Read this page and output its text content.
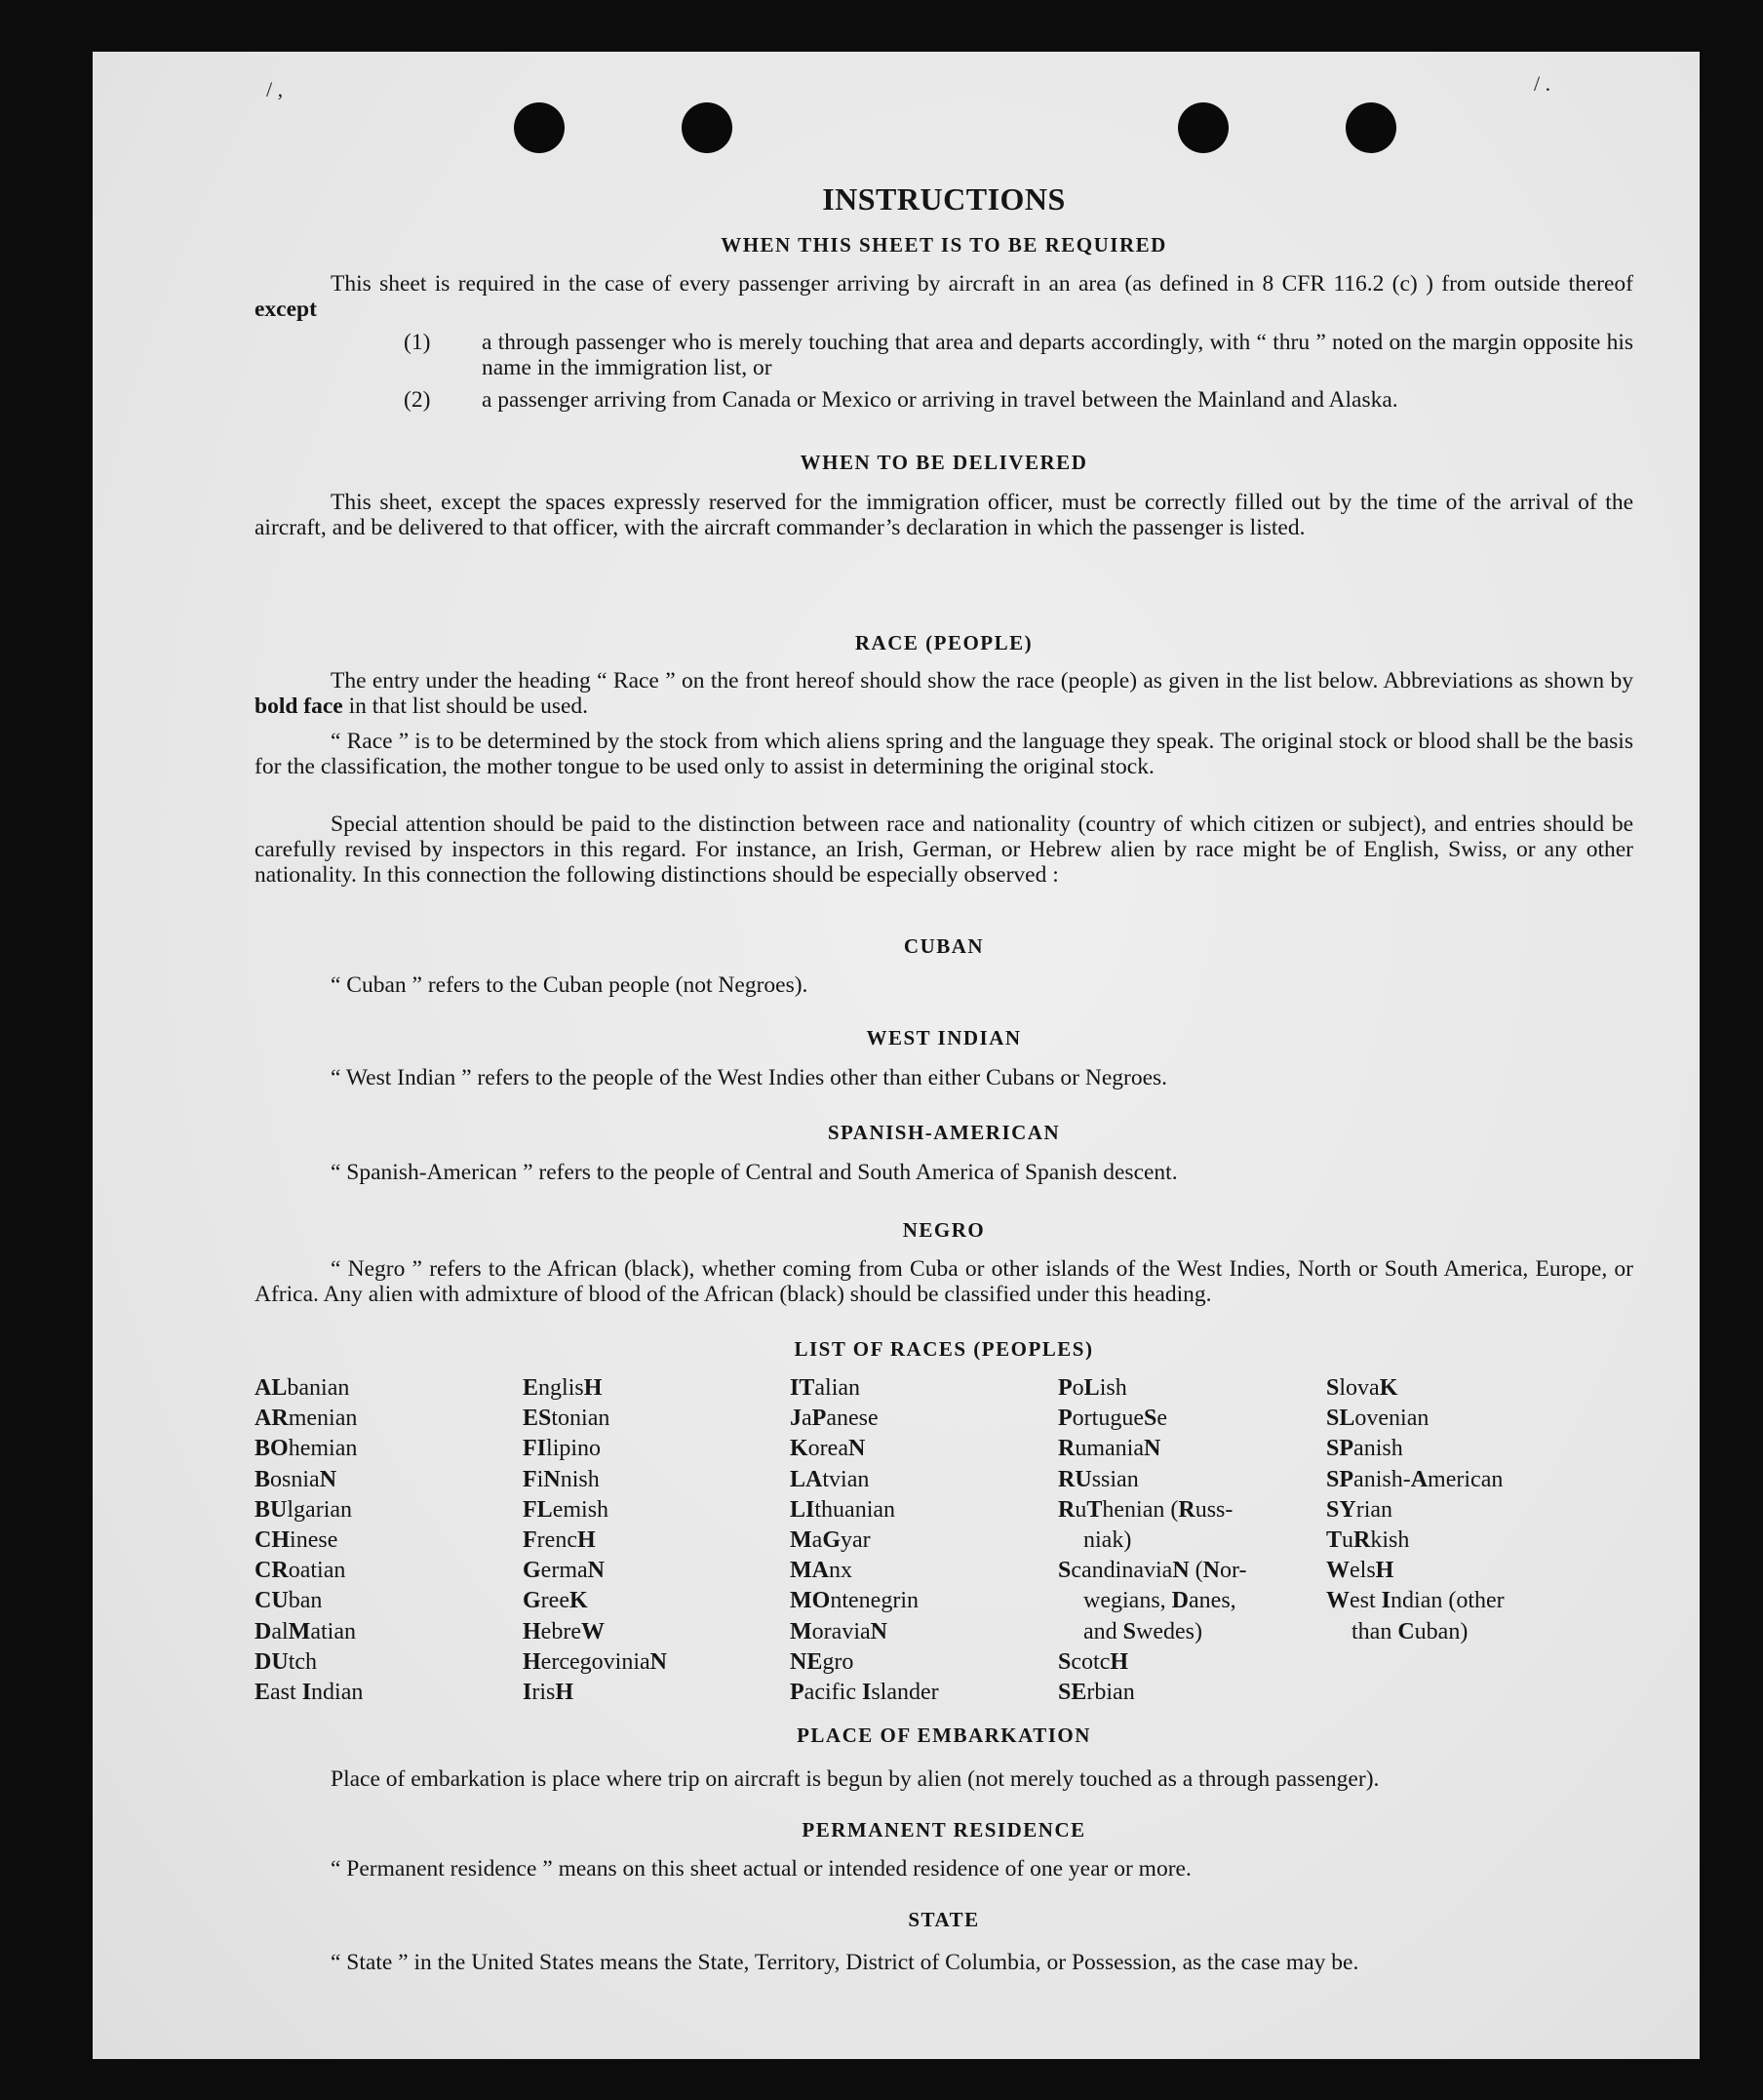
/ ,	/ .
INSTRUCTIONS
WHEN THIS SHEET IS TO BE REQUIRED

This sheet is required in the case of every passenger arriving by aircraft in an area (as defined in 8 CFR 116.2 (c) ) from outside thereof except

(1) a through passenger who is merely touching that area and departs accordingly, with “ thru ” noted on the margin opposite his name in the immigration list, or
(2) a passenger arriving from Canada or Mexico or arriving in travel between the Mainland and Alaska.
WHEN TO BE DELIVERED

This sheet, except the spaces expressly reserved for the immigration officer, must be correctly filled out by the time of the arrival of the aircraft, and be delivered to that officer, with the aircraft commander’s declaration in which the passenger is listed.

RACE (PEOPLE)

The entry under the heading “ Race ” on the front hereof should show the race (people) as given in the list below. Abbreviations as shown by bold face in that list should be used.

“ Race ” is to be determined by the stock from which aliens spring and the language they speak. The original stock or blood shall be the basis for the classification, the mother tongue to be used only to assist in determining the original stock.

Special attention should be paid to the distinction between race and nationality (country of which citizen or subject), and entries should be carefully revised by inspectors in this regard. For instance, an Irish, German, or Hebrew alien by race might be of English, Swiss, or any other nationality. In this connection the following distinctions should be especially observed :

CUBAN

“ Cuban ” refers to the Cuban people (not Negroes).

WEST INDIAN

“ West Indian ” refers to the people of the West Indies other than either Cubans or Negroes.

SPANISH-AMERICAN

“ Spanish-American ” refers to the people of Central and South America of Spanish descent.

NEGRO

“ Negro ” refers to the African (black), whether coming from Cuba or other islands of the West Indies, North or South America, Europe, or Africa. Any alien with admixture of blood of the African (black) should be classified under this heading.

LIST OF RACES (PEOPLES)
ALbanian
ARmenian
BOhemian
BosniaN
BUlgarian
CHinese
CRoatian
CUban
DalMatian
DUtch
East Indian
EnglisH
EStonian
FIlipino
FiNnish
FLemish
FrencH
GermaN
GreeK
HebreW
HercegoviniaN
IrisH
ITalian
JaPanese
KoreaN
LAtvian
LIthuanian
MaGyar
MAnx
MOntenegrin
MoraviaN
NEgro
Pacific Islander
PoLish
PortugueSe
RumaniaN
RUssian
RuThenian (Russ-
niak)
ScandinaviaN (Nor-
wegians, Danes,
and Swedes)
ScotcH
SErbian
SlovaK
SLovenian
SPanish
SPanish-American
SYrian
TuRkish
WelsH
West Indian (other
than Cuban)
PLACE OF EMBARKATION

Place of embarkation is place where trip on aircraft is begun by alien (not merely touched as a through passenger).

PERMANENT RESIDENCE

“ Permanent residence ” means on this sheet actual or intended residence of one year or more.

STATE

“ State ” in the United States means the State, Territory, District of Columbia, or Possession, as the case may be.
